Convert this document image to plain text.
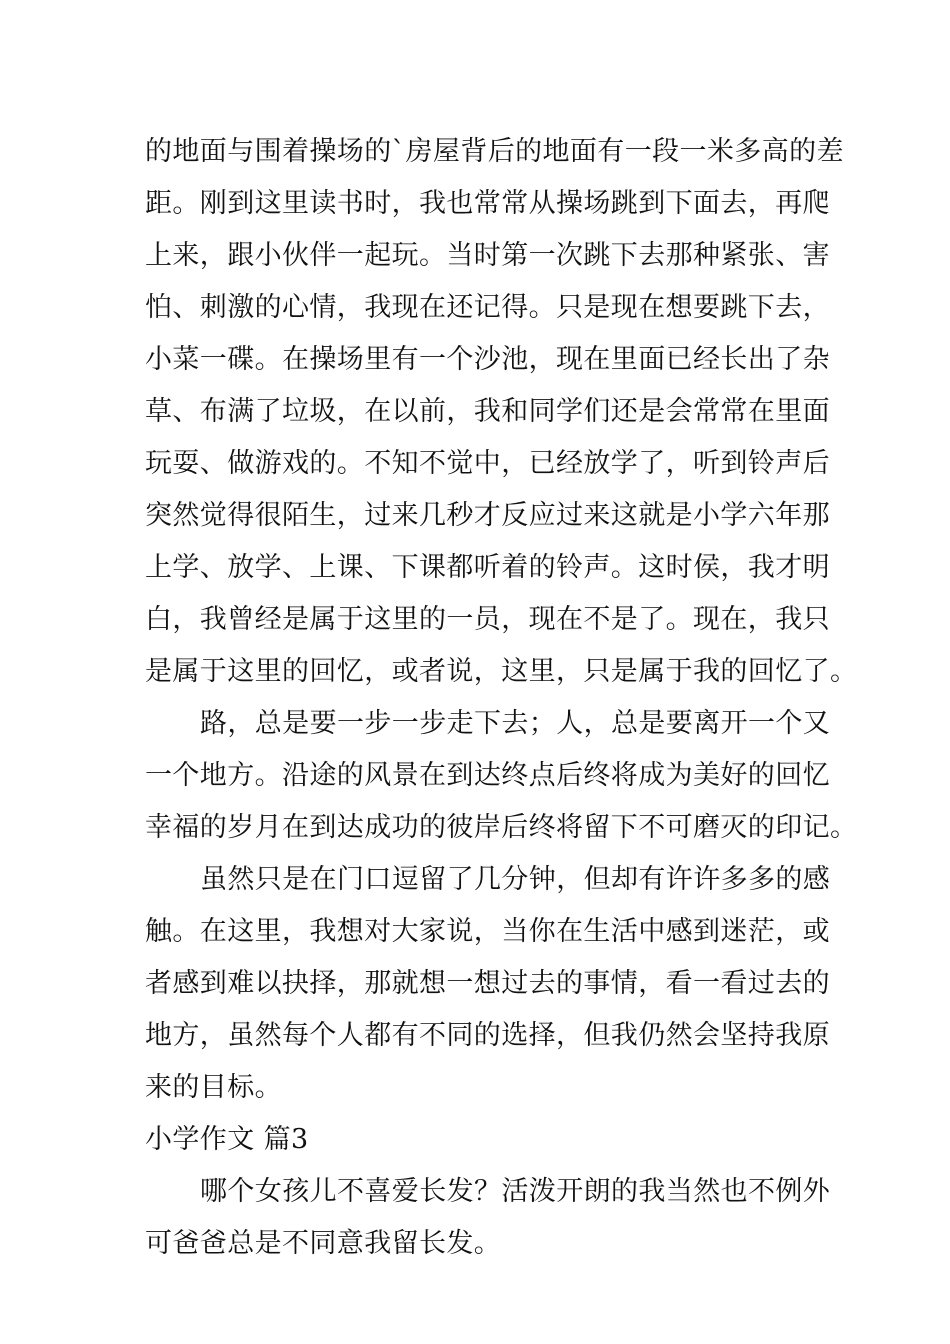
的地面与围着操场的`房屋背后的地面有一段一米多高的差
距。刚到这里读书时，我也常常从操场跳到下面去，再爬
上来，跟小伙伴一起玩。当时第一次跳下去那种紧张、害
怕、刺激的心情，我现在还记得。只是现在想要跳下去，
小菜一碟。在操场里有一个沙池，现在里面已经长出了杂
草、布满了垃圾，在以前，我和同学们还是会常常在里面
玩耍、做游戏的。不知不觉中，已经放学了，听到铃声后
突然觉得很陌生，过来几秒才反应过来这就是小学六年那
上学、放学、上课、下课都听着的铃声。这时侯，我才明
白，我曾经是属于这里的一员，现在不是了。现在，我只
是属于这里的回忆，或者说，这里，只是属于我的回忆了。
路，总是要一步一步走下去；人，总是要离开一个又
一个地方。沿途的风景在到达终点后终将成为美好的回忆
幸福的岁月在到达成功的彼岸后终将留下不可磨灭的印记。
虽然只是在门口逗留了几分钟，但却有许许多多的感
触。在这里，我想对大家说，当你在生活中感到迷茫，或
者感到难以抉择，那就想一想过去的事情，看一看过去的
地方，虽然每个人都有不同的选择，但我仍然会坚持我原
来的目标。
小学作文 篇3
哪个女孩儿不喜爱长发？活泼开朗的我当然也不例外
可爸爸总是不同意我留长发。
